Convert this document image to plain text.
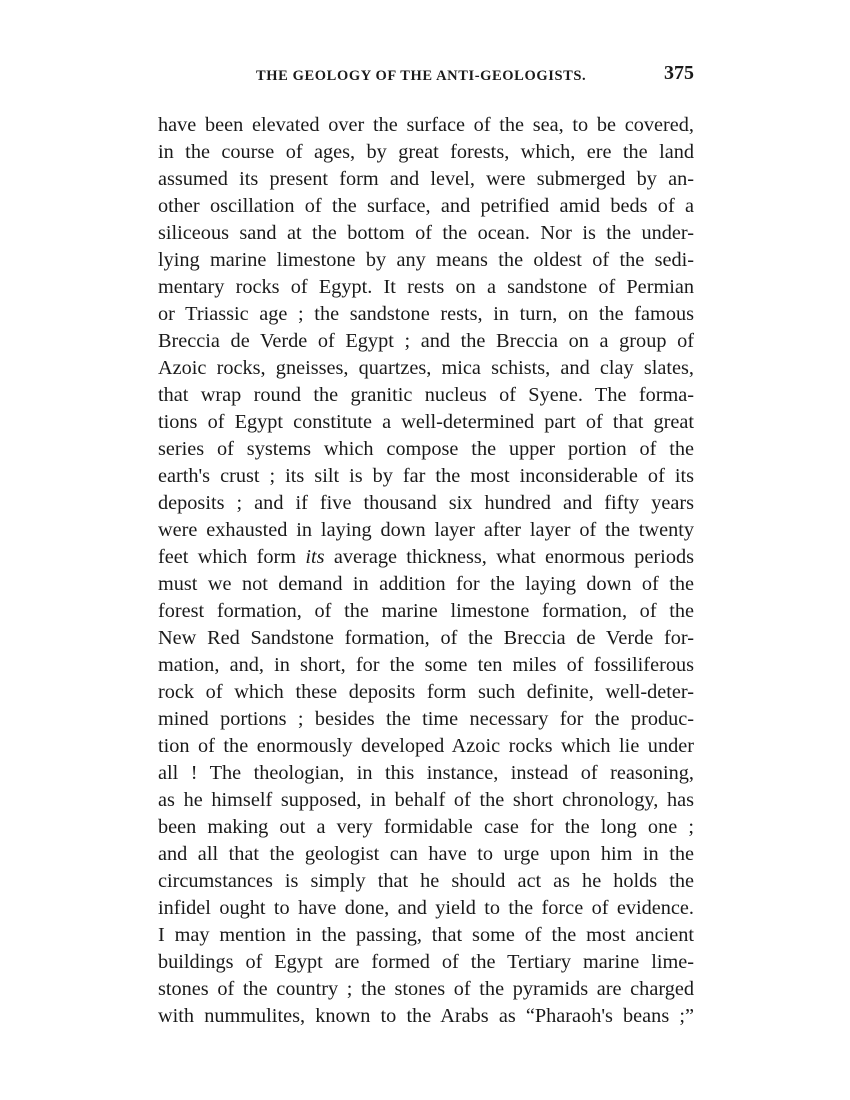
THE GEOLOGY OF THE ANTI-GEOLOGISTS.	375
have been elevated over the surface of the sea, to be covered,
in the course of ages, by great forests, which, ere the land
assumed its present form and level, were submerged by an-
other oscillation of the surface, and petrified amid beds of a
siliceous sand at the bottom of the ocean. Nor is the under-
lying marine limestone by any means the oldest of the sedi-
mentary rocks of Egypt. It rests on a sandstone of Permian
or Triassic age ; the sandstone rests, in turn, on the famous
Breccia de Verde of Egypt ; and the Breccia on a group of
Azoic rocks, gneisses, quartzes, mica schists, and clay slates,
that wrap round the granitic nucleus of Syene. The forma-
tions of Egypt constitute a well-determined part of that great
series of systems which compose the upper portion of the
earth's crust ; its silt is by far the most inconsiderable of its
deposits ; and if five thousand six hundred and fifty years
were exhausted in laying down layer after layer of the twenty
feet which form its average thickness, what enormous periods
must we not demand in addition for the laying down of the
forest formation, of the marine limestone formation, of the
New Red Sandstone formation, of the Breccia de Verde for-
mation, and, in short, for the some ten miles of fossiliferous
rock of which these deposits form such definite, well-deter-
mined portions ; besides the time necessary for the produc-
tion of the enormously developed Azoic rocks which lie under
all ! The theologian, in this instance, instead of reasoning,
as he himself supposed, in behalf of the short chronology, has
been making out a very formidable case for the long one ;
and all that the geologist can have to urge upon him in the
circumstances is simply that he should act as he holds the
infidel ought to have done, and yield to the force of evidence.
I may mention in the passing, that some of the most ancient
buildings of Egypt are formed of the Tertiary marine lime-
stones of the country ; the stones of the pyramids are charged
with nummulites, known to the Arabs as “Pharaoh's beans ;”
